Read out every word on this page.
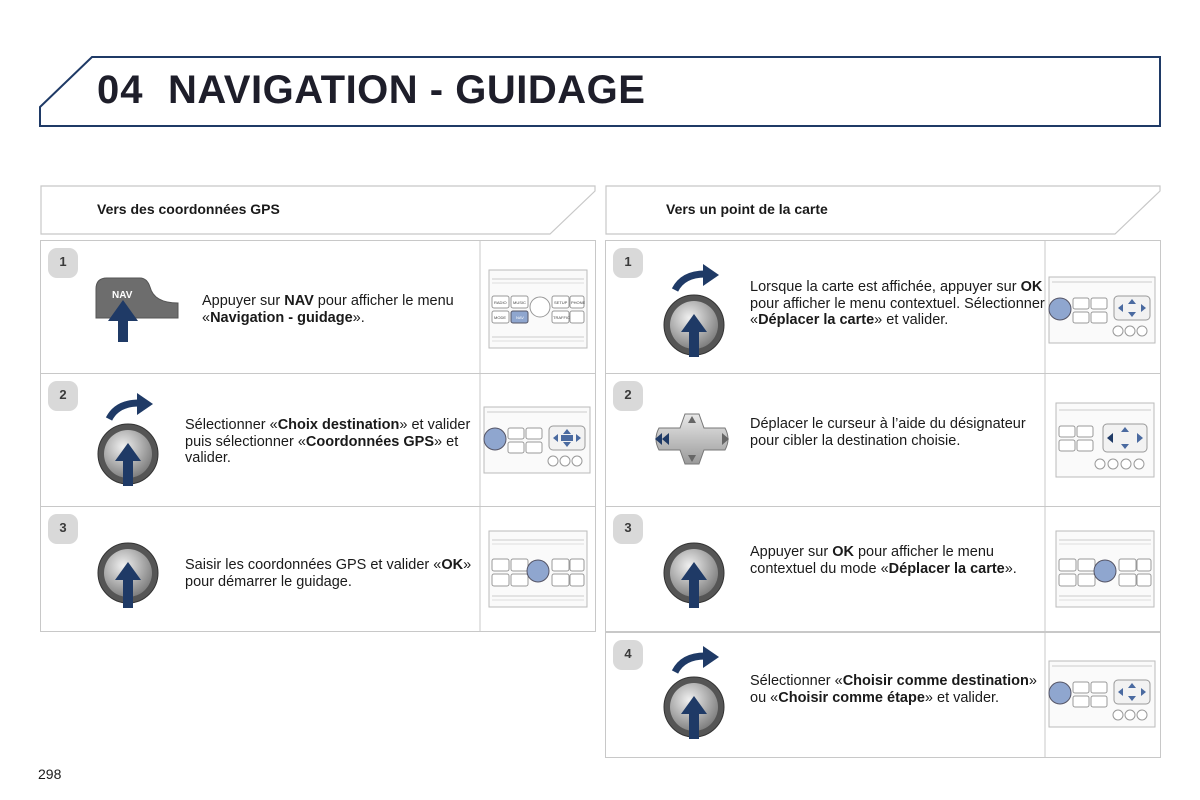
04 NAVIGATION - GUIDAGE
Vers des coordonnées GPS	Vers un point de la carte
1
NAV	Appuyer sur NAV pour afficher le menu «Navigation - guidage».
RADIO MUSIC
MODE	NAV
SETUP PHONE
TRAFFIC
2
Sélectionner «Choix destination» et valider puis sélectionner «Coordonnées GPS» et valider.
3
Saisir les coordonnées GPS et valider «OK» pour démarrer le guidage.
1
Lorsque la carte est affichée, appuyer sur OK pour afficher le menu contextuel. Sélectionner «Déplacer la carte» et valider.
2
Déplacer le curseur à l’aide du désignateur pour cibler la destination choisie.
3
Appuyer sur OK pour afficher le menu contextuel du mode «Déplacer la carte».
4
Sélectionner «Choisir comme destination» ou «Choisir comme étape» et valider.
298
